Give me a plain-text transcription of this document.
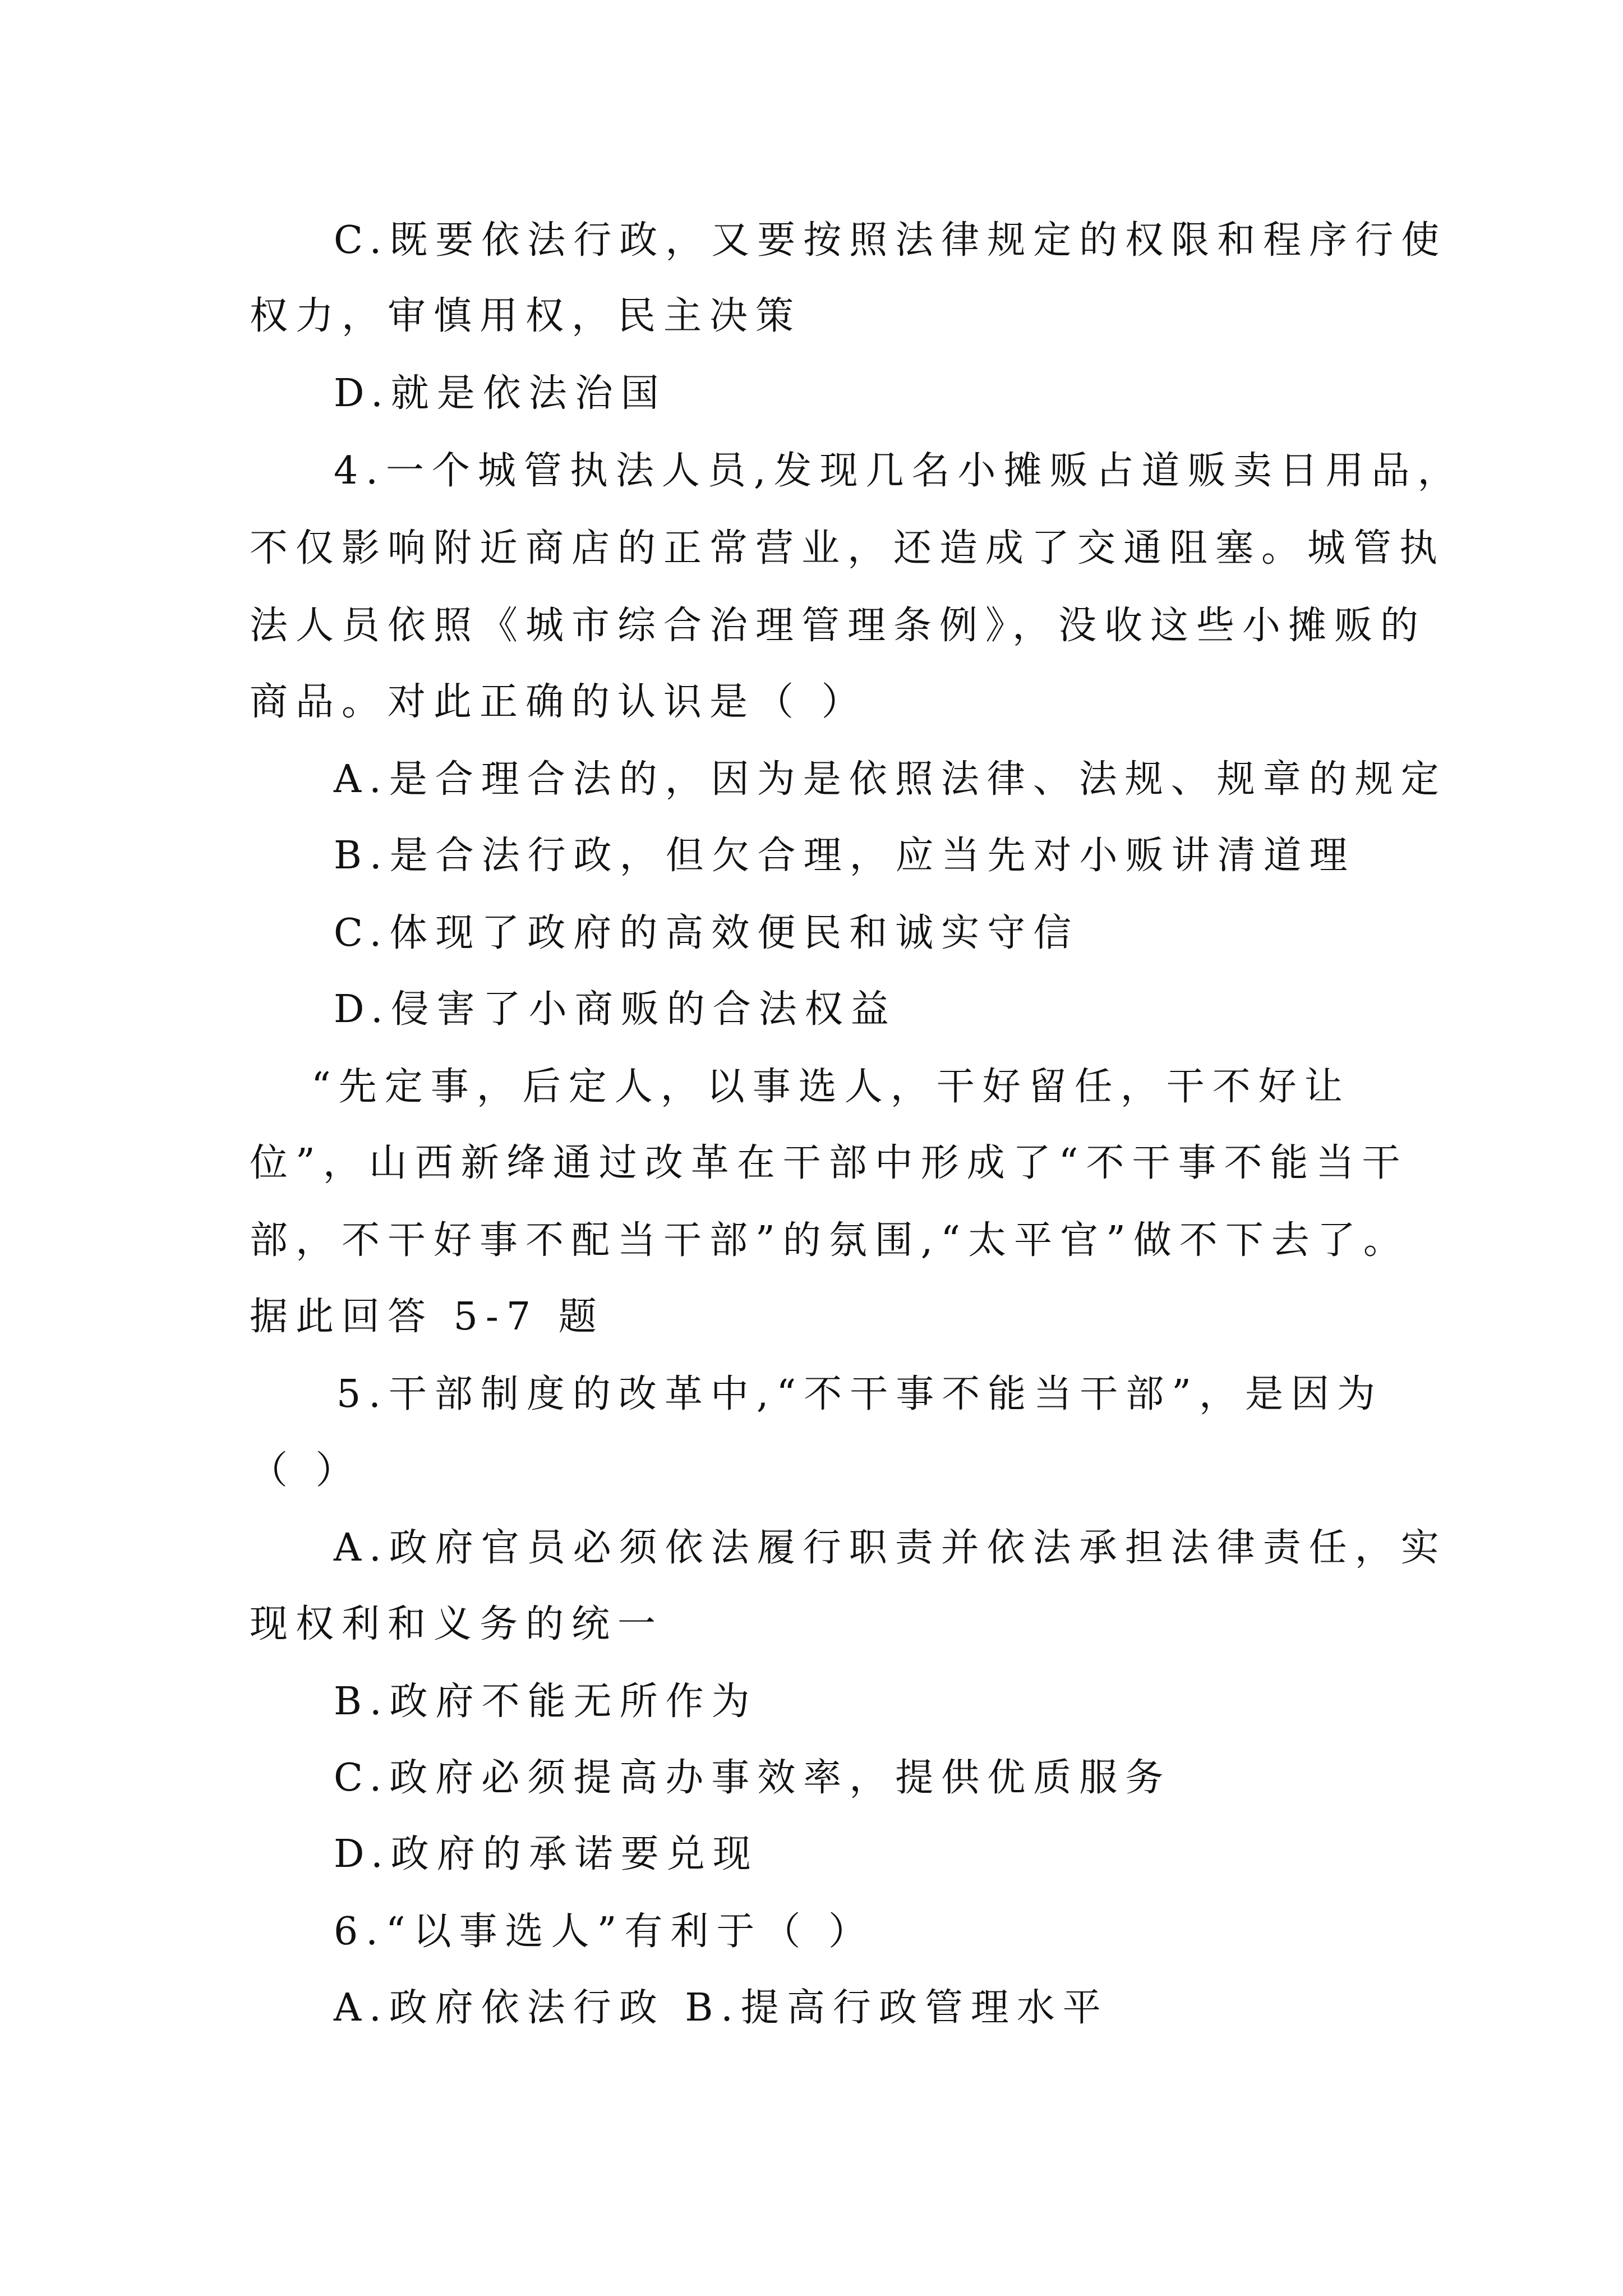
C.既要依法行政，又要按照法律规定的权限和程序行使

权力，审慎用权，民主决策

D.就是依法治国

4.一个城管执法人员,发现几名小摊贩占道贩卖日用品，

不仅影响附近商店的正常营业，还造成了交通阻塞。城管执

法人员依照《城市综合治理管理条例》，没收这些小摊贩的

商品。对此正确的认识是（ ）

A.是合理合法的，因为是依照法律、法规、规章的规定

B.是合法行政，但欠合理，应当先对小贩讲清道理

C.体现了政府的高效便民和诚实守信

D.侵害了小商贩的合法权益

“先定事，后定人，以事选人，干好留任，干不好让

位”，山西新绛通过改革在干部中形成了“不干事不能当干

部，不干好事不配当干部”的氛围,“太平官”做不下去了。

据此回答 5-7 题

5.干部制度的改革中,“不干事不能当干部”，是因为

（ ）

A.政府官员必须依法履行职责并依法承担法律责任，实

现权利和义务的统一

B.政府不能无所作为

C.政府必须提高办事效率，提供优质服务

D.政府的承诺要兑现

6.“以事选人”有利于（ ）

A.政府依法行政 B.提高行政管理水平
